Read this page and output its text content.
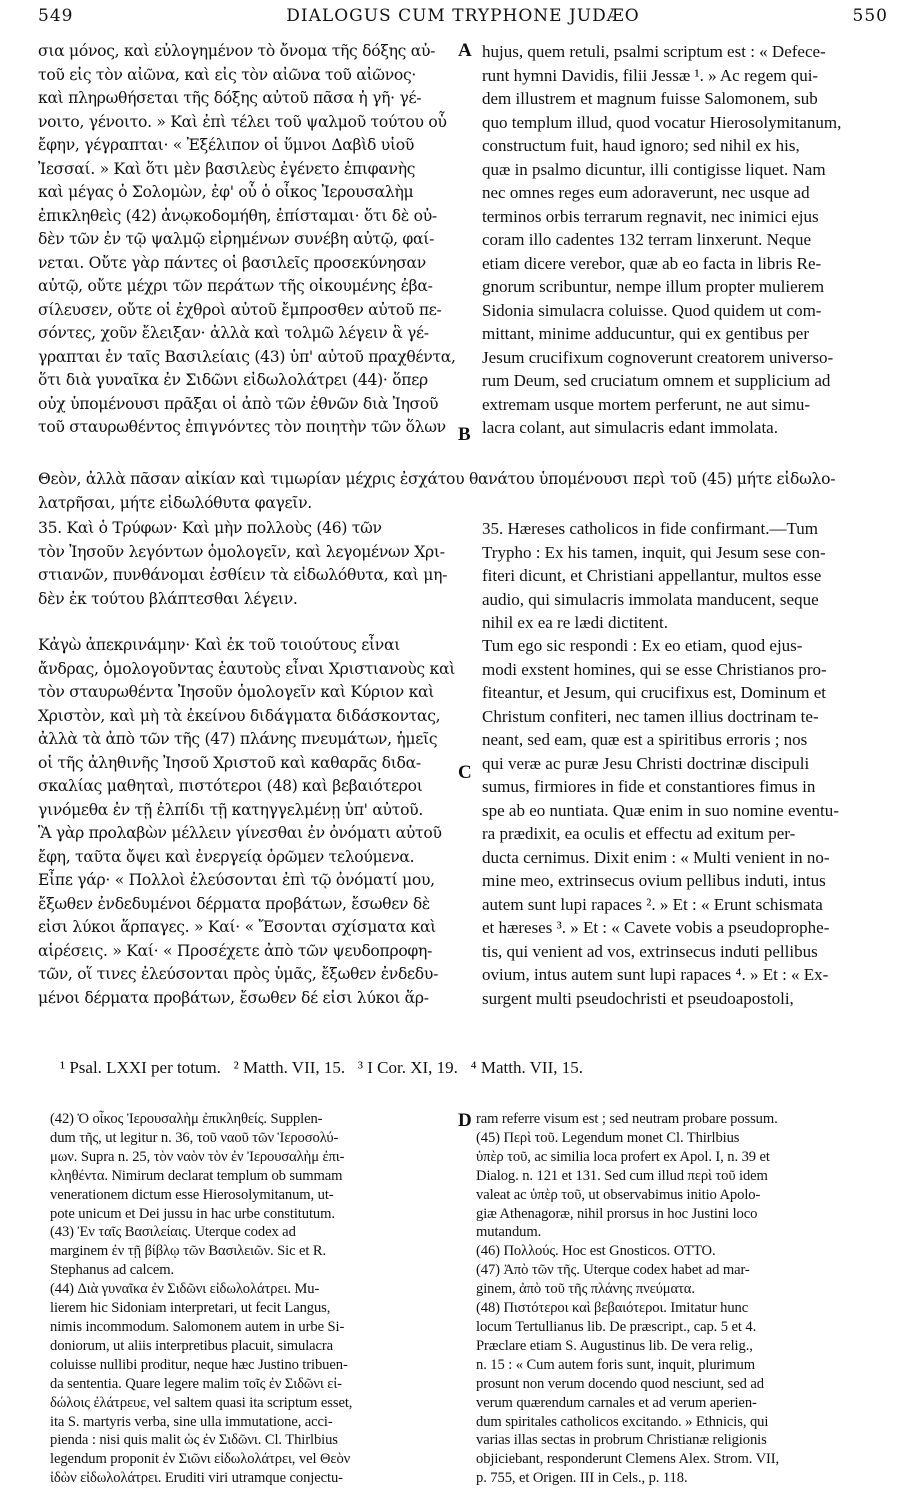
549	DIALOGUS CUM TRYPHONE JUDÆO	550
σια μόνος, καὶ εὐλογημένον τὸ ὄνομα τῆς δόξης αὐ-
τοῦ εἰς τὸν αἰῶνα, καὶ εἰς τὸν αἰῶνα τοῦ αἰῶνος·
καὶ πληρωθήσεται τῆς δόξης αὐτοῦ πᾶσα ἡ γῆ· γέ-
νοιτο, γένοιτο. » Καὶ ἐπὶ τέλει τοῦ ψαλμοῦ τούτου οὗ
ἔφην, γέγραπται· « Ἐξέλιπον οἱ ὕμνοι Δαβὶδ υἱοῦ
Ἰεσσαί. » Καὶ ὅτι μὲν βασιλεὺς ἐγένετο ἐπιφανὴς
καὶ μέγας ὁ Σολομὼν, ἐφ' οὗ ὁ οἶκος Ἰερουσαλὴμ
ἐπικληθεὶς (42) ἀνῳκοδομήθη, ἐπίσταμαι· ὅτι δὲ οὐ-
δὲν τῶν ἐν τῷ ψαλμῷ εἰρημένων συνέβη αὐτῷ, φαί-
νεται. Οὔτε γὰρ πάντες οἱ βασιλεῖς προσεκύνησαν
αὐτῷ, οὔτε μέχρι τῶν περάτων τῆς οἰκουμένης ἐβα-
σίλευσεν, οὔτε οἱ ἐχθροὶ αὐτοῦ ἔμπροσθεν αὐτοῦ πε-
σόντες, χοῦν ἔλειξαν· ἀλλὰ καὶ τολμῶ λέγειν ἃ γέ-
γραπται ἐν ταῖς Βασιλείαις (43) ὑπ' αὐτοῦ πραχθέντα,
ὅτι διὰ γυναῖκα ἐν Σιδῶνι εἰδωλολάτρει (44)· ὅπερ
οὐχ ὑπομένουσι πρᾶξαι οἱ ἀπὸ τῶν ἐθνῶν διὰ Ἰησοῦ
τοῦ σταυρωθέντος ἐπιγνόντες τὸν ποιητὴν τῶν ὅλων
hujus, quem retuli, psalmi scriptum est : « Defece-
runt hymni Davidis, filii Jessæ ¹. » Ac regem qui-
dem illustrem et magnum fuisse Salomonem, sub
quo templum illud, quod vocatur Hierosolymitanum,
constructum fuit, haud ignoro; sed nihil ex his,
quæ in psalmo dicuntur, illi contigisse liquet. Nam
nec omnes reges eum adoraverunt, nec usque ad
terminos orbis terrarum regnavit, nec inimici ejus
coram illo cadentes 132 terram linxerunt. Neque
etiam dicere verebor, quæ ab eo facta in libris Re-
gnorum scribuntur, nempe illum propter mulierem
Sidonia simulacra coluisse. Quod quidem ut com-
mittant, minime adducuntur, qui ex gentibus per
Jesum crucifixum cognoverunt creatorem universo-
rum Deum, sed cruciatum omnem et supplicium ad
extremam usque mortem perferunt, ne aut simu-
lacra colant, aut simulacris edant immolata.
A
B
C
D
Θεὸν, ἀλλὰ πᾶσαν αἰκίαν καὶ τιμωρίαν μέχρις ἐσχάτου θανάτου ὑπομένουσι περὶ τοῦ (45) μήτε εἰδωλο-
λατρῆσαι, μήτε εἰδωλόθυτα φαγεῖν.
35. Καὶ ὁ Τρύφων· Καὶ μὴν πολλοὺς (46) τῶν
τὸν Ἰησοῦν λεγόντων ὁμολογεῖν, καὶ λεγομένων Χρι-
στιανῶν, πυνθάνομαι ἐσθίειν τὰ εἰδωλόθυτα, καὶ μη-
δὲν ἐκ τούτου βλάπτεσθαι λέγειν.
35. Hæreses catholicos in fide confirmant.—Tum
Trypho : Ex his tamen, inquit, qui Jesum sese con-
fiteri dicunt, et Christiani appellantur, multos esse
audio, qui simulacris immolata manducent, seque
nihil ex ea re lædi dictitent.
Κἀγὼ ἀπεκρινάμην· Καὶ ἐκ τοῦ τοιούτους εἶναι
ἄνδρας, ὁμολογοῦντας ἑαυτοὺς εἶναι Χριστιανοὺς καὶ
τὸν σταυρωθέντα Ἰησοῦν ὁμολογεῖν καὶ Κύριον καὶ
Χριστὸν, καὶ μὴ τὰ ἐκείνου διδάγματα διδάσκοντας,
ἀλλὰ τὰ ἀπὸ τῶν τῆς (47) πλάνης πνευμάτων, ἡμεῖς
οἱ τῆς ἀληθινῆς Ἰησοῦ Χριστοῦ καὶ καθαρᾶς διδα-
σκαλίας μαθηταὶ, πιστότεροι (48) καὶ βεβαιότεροι
γινόμεθα ἐν τῇ ἐλπίδι τῇ κατηγγελμένῃ ὑπ' αὐτοῦ.
Ἃ γὰρ προλαβὼν μέλλειν γίνεσθαι ἐν ὀνόματι αὐτοῦ
ἔφη, ταῦτα ὄψει καὶ ἐνεργείᾳ ὁρῶμεν τελούμενα.
Εἶπε γάρ· « Πολλοὶ ἐλεύσονται ἐπὶ τῷ ὀνόματί μου,
ἔξωθεν ἐνδεδυμένοι δέρματα προβάτων, ἔσωθεν δὲ
εἰσι λύκοι ἅρπαγες. » Καί· « Ἔσονται σχίσματα καὶ
αἱρέσεις. » Καί· « Προσέχετε ἀπὸ τῶν ψευδοπροφη-
τῶν, οἵ τινες ἐλεύσονται πρὸς ὑμᾶς, ἔξωθεν ἐνδεδυ-
μένοι δέρματα προβάτων, ἔσωθεν δέ εἰσι λύκοι ἅρ-
Tum ego sic respondi : Ex eo etiam, quod ejus-
modi exstent homines, qui se esse Christianos pro-
fiteantur, et Jesum, qui crucifixus est, Dominum et
Christum confiteri, nec tamen illius doctrinam te-
neant, sed eam, quæ est a spiritibus erroris ; nos
qui veræ ac puræ Jesu Christi doctrinæ discipuli
sumus, firmiores in fide et constantiores fimus in
spe ab eo nuntiata. Quæ enim in suo nomine eventu-
ra prædixit, ea oculis et effectu ad exitum per-
ducta cernimus. Dixit enim : « Multi venient in no-
mine meo, extrinsecus ovium pellibus induti, intus
autem sunt lupi rapaces ². » Et : « Erunt schismata
et hæreses ³. » Et : « Cavete vobis a pseudoprophe-
tis, qui venient ad vos, extrinsecus induti pellibus
ovium, intus autem sunt lupi rapaces ⁴. » Et : « Ex-
surgent multi pseudochristi et pseudoapostoli,
¹ Psal. LXXI per totum.   ² Matth. VII, 15.   ³ I Cor. XI, 19.   ⁴ Matth. VII, 15.
(42) Ὁ οἶκος Ἰερουσαλὴμ ἐπικληθείς. Supplen-
dum τῆς, ut legitur n. 36, τοῦ ναοῦ τῶν Ἱεροσολύ-
μων. Supra n. 25, τὸν ναὸν τὸν ἐν Ἰερουσαλὴμ ἐπι-
κληθέντα. Nimirum declarat templum ob summam
venerationem dictum esse Hierosolymitanum, ut-
pote unicum et Dei jussu in hac urbe constitutum.
(43) Ἐν ταῖς Βασιλείαις. Uterque codex ad
marginem ἐν τῇ βίβλῳ τῶν Βασιλειῶν. Sic et R.
Stephanus ad calcem.
(44) Διὰ γυναῖκα ἐν Σιδῶνι εἰδωλολάτρει. Mu-
lierem hic Sidoniam interpretari, ut fecit Langus,
nimis incommodum. Salomonem autem in urbe Si-
doniorum, ut aliis interpretibus placuit, simulacra
coluisse nullibi proditur, neque hæc Justino tribuen-
da sententia. Quare legere malim τοῖς ἐν Σιδῶνι εἰ-
δώλοις ἐλάτρευε, vel saltem quasi ita scriptum esset,
ita S. martyris verba, sine ulla immutatione, acci-
pienda : nisi quis malit ὡς ἐν Σιδῶνι. Cl. Thirlbius
legendum proponit ἐν Σιῶνι εἰδωλολάτρει, vel Θεὸν
ἰδὼν εἰδωλολάτρει. Eruditi viri utramque conjectu-
ram referre visum est ; sed neutram probare possum.
(45) Περὶ τοῦ. Legendum monet Cl. Thirlbius
ὑπὲρ τοῦ, ac similia loca profert ex Apol. I, n. 39 et
Dialog. n. 121 et 131. Sed cum illud περὶ τοῦ idem
valeat ac ὑπὲρ τοῦ, ut observabimus initio Apolo-
giæ Athenagoræ, nihil prorsus in hoc Justini loco
mutandum.
(46) Πολλούς. Hoc est Gnosticos. OTTO.
(47) Ἀπὸ τῶν τῆς. Uterque codex habet ad mar-
ginem, ἀπὸ τοῦ τῆς πλάνης πνεύματα.
(48) Πιστότεροι καὶ βεβαιότεροι. Imitatur hunc
locum Tertullianus lib. De præscript., cap. 5 et 4.
Præclare etiam S. Augustinus lib. De vera relig.,
n. 15 : « Cum autem foris sunt, inquit, plurimum
prosunt non verum docendo quod nesciunt, sed ad
verum quærendum carnales et ad verum aperien-
dum spiritales catholicos excitando. » Ethnicis, qui
varias illas sectas in probrum Christianæ religionis
objiciebant, responderunt Clemens Alex. Strom. VII,
p. 755, et Origen. III in Cels., p. 118.
